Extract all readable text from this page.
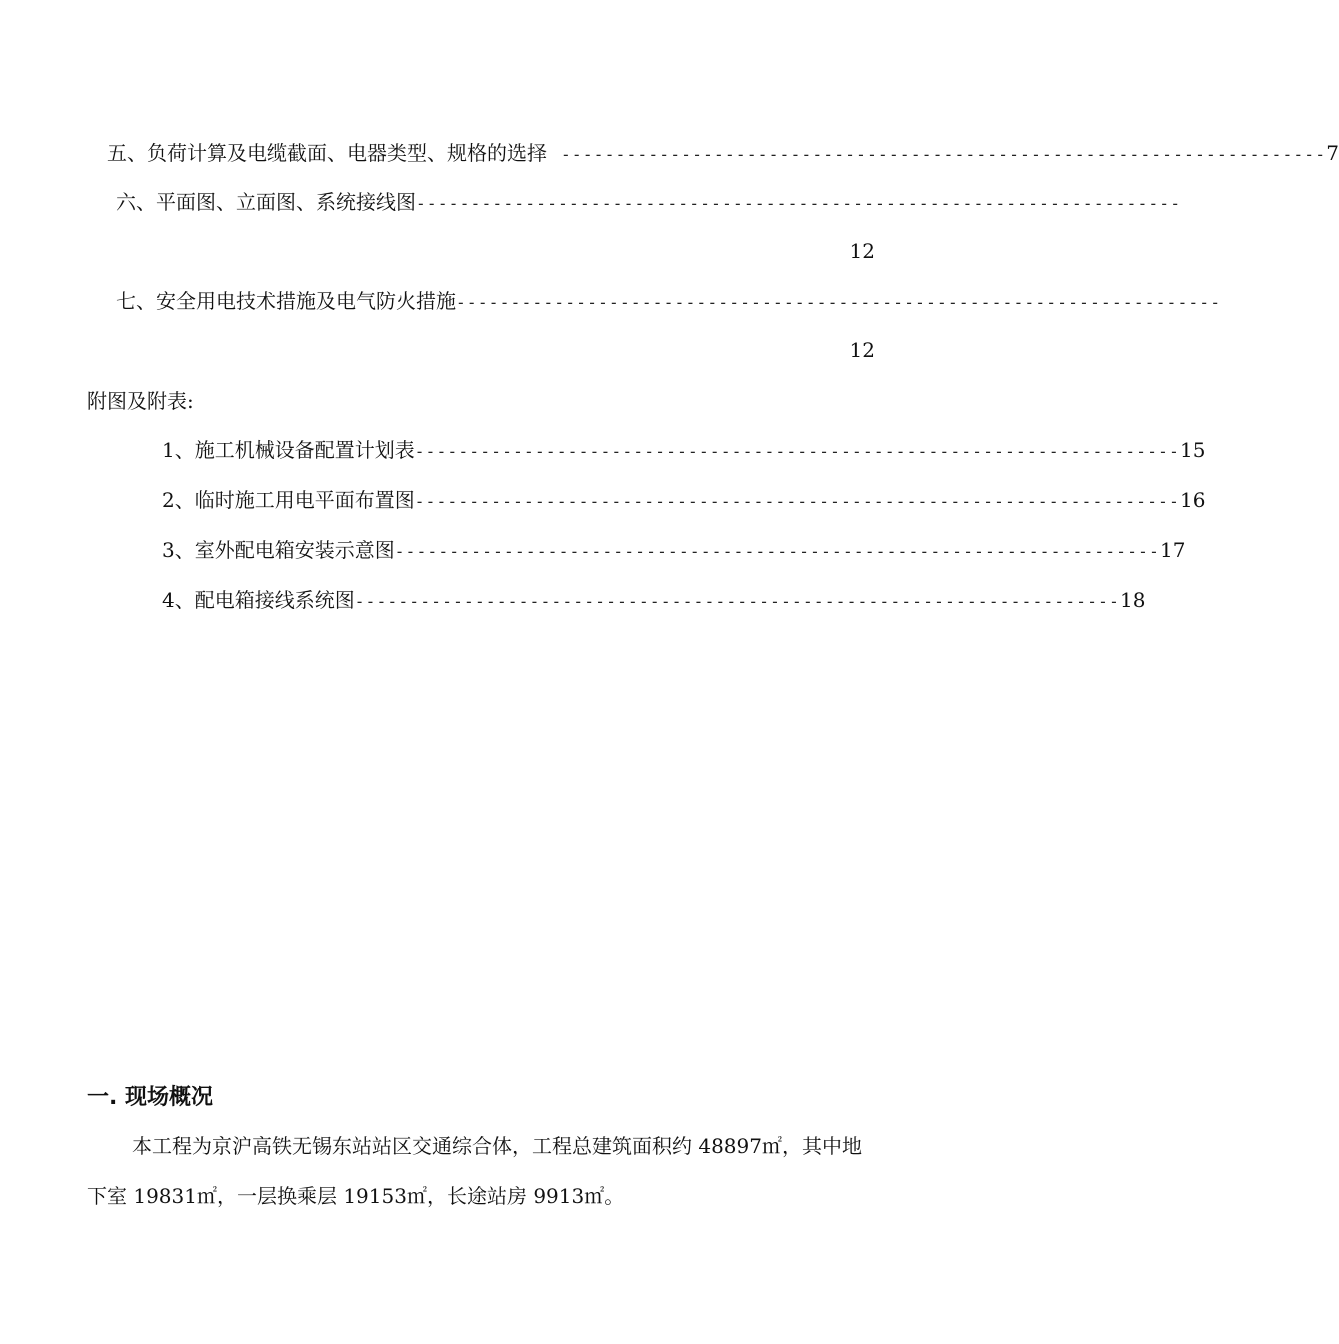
五、负荷计算及电缆截面、电器类型、规格的选择 ---------------------------------------------------------------------- 7
六、平面图、立面图、系统接线图 ----------------------------------------------------------------------
12
七、安全用电技术措施及电气防火措施 ----------------------------------------------------------------------
12
附图及附表:
1、施工机械设备配置计划表 ---------------------------------------------------------------------- 15
2、临时施工用电平面布置图 ---------------------------------------------------------------------- 16
3、室外配电箱安装示意图 ---------------------------------------------------------------------- 17
4、配电箱接线系统图 ---------------------------------------------------------------------- 18
一. 现场概况
本工程为京沪高铁无锡东站站区交通综合体，工程总建筑面积约 48897㎡，其中地下室 19831㎡，一层换乘层 19153㎡，长途站房 9913㎡。
